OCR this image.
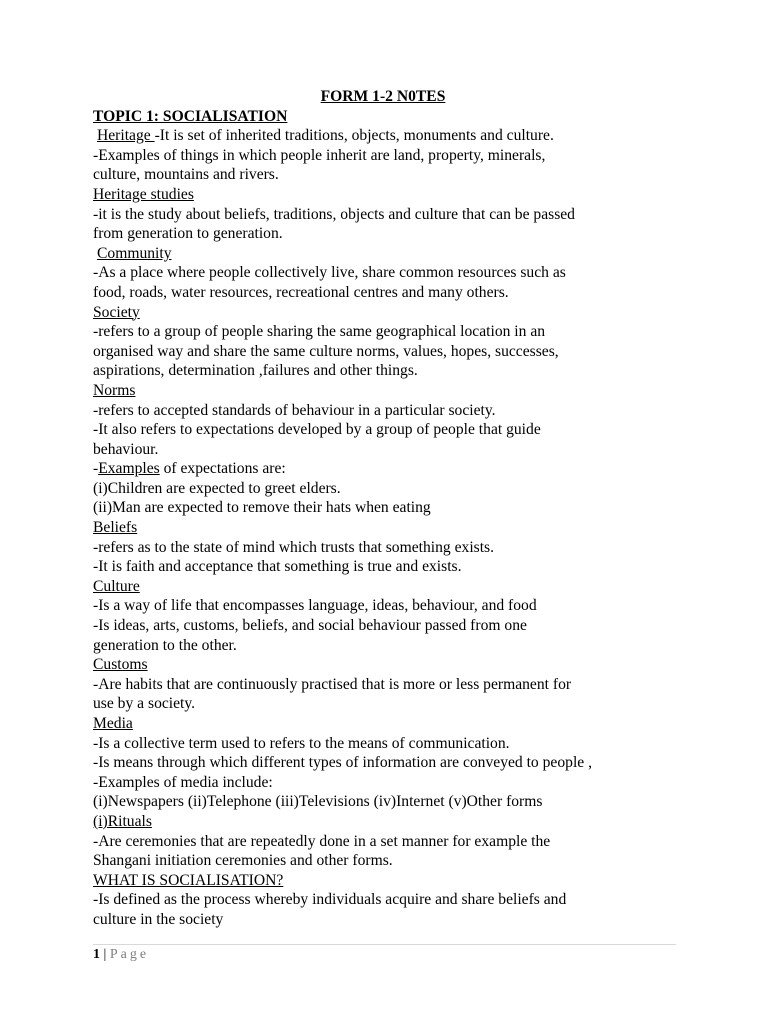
FORM 1-2 N0TES
TOPIC 1: SOCIALISATION
Heritage -It is set of inherited traditions, objects, monuments and culture.
-Examples of things in which people inherit are land, property, minerals,
culture, mountains and rivers.
Heritage studies
-it is the study about beliefs, traditions, objects and culture that can be passed
from generation to generation.
Community
-As a place where people collectively live, share common resources such as
food, roads, water resources, recreational centres and many others.
Society
-refers to a group of people sharing the same geographical location in an
organised way and share the same culture norms, values, hopes, successes,
aspirations, determination ,failures and other things.
Norms
-refers to accepted standards of behaviour in a particular society.
-It also refers to expectations developed by a group of people that guide
behaviour.
-Examples of expectations are:
(i)Children are expected to greet elders.
(ii)Man are expected to remove their hats when eating
Beliefs
-refers as to the state of mind which trusts that something exists.
-It is faith and acceptance that something is true and exists.
Culture
-Is a way of life that encompasses language, ideas, behaviour, and food
-Is ideas, arts, customs, beliefs, and social behaviour passed from one
generation to the other.
Customs
-Are habits that are continuously practised that is more or less permanent for
use by a society.
Media
-Is a collective term used to refers to the means of communication.
-Is means through which different types of information are conveyed to people ,
-Examples of media include:
(i)Newspapers (ii)Telephone (iii)Televisions (iv)Internet (v)Other forms
(i)Rituals
-Are ceremonies that are repeatedly done in a set manner for example the
Shangani initiation ceremonies and other forms.
WHAT IS SOCIALISATION?
-Is defined as the process whereby individuals acquire and share beliefs and
culture in the society
1 | Page
